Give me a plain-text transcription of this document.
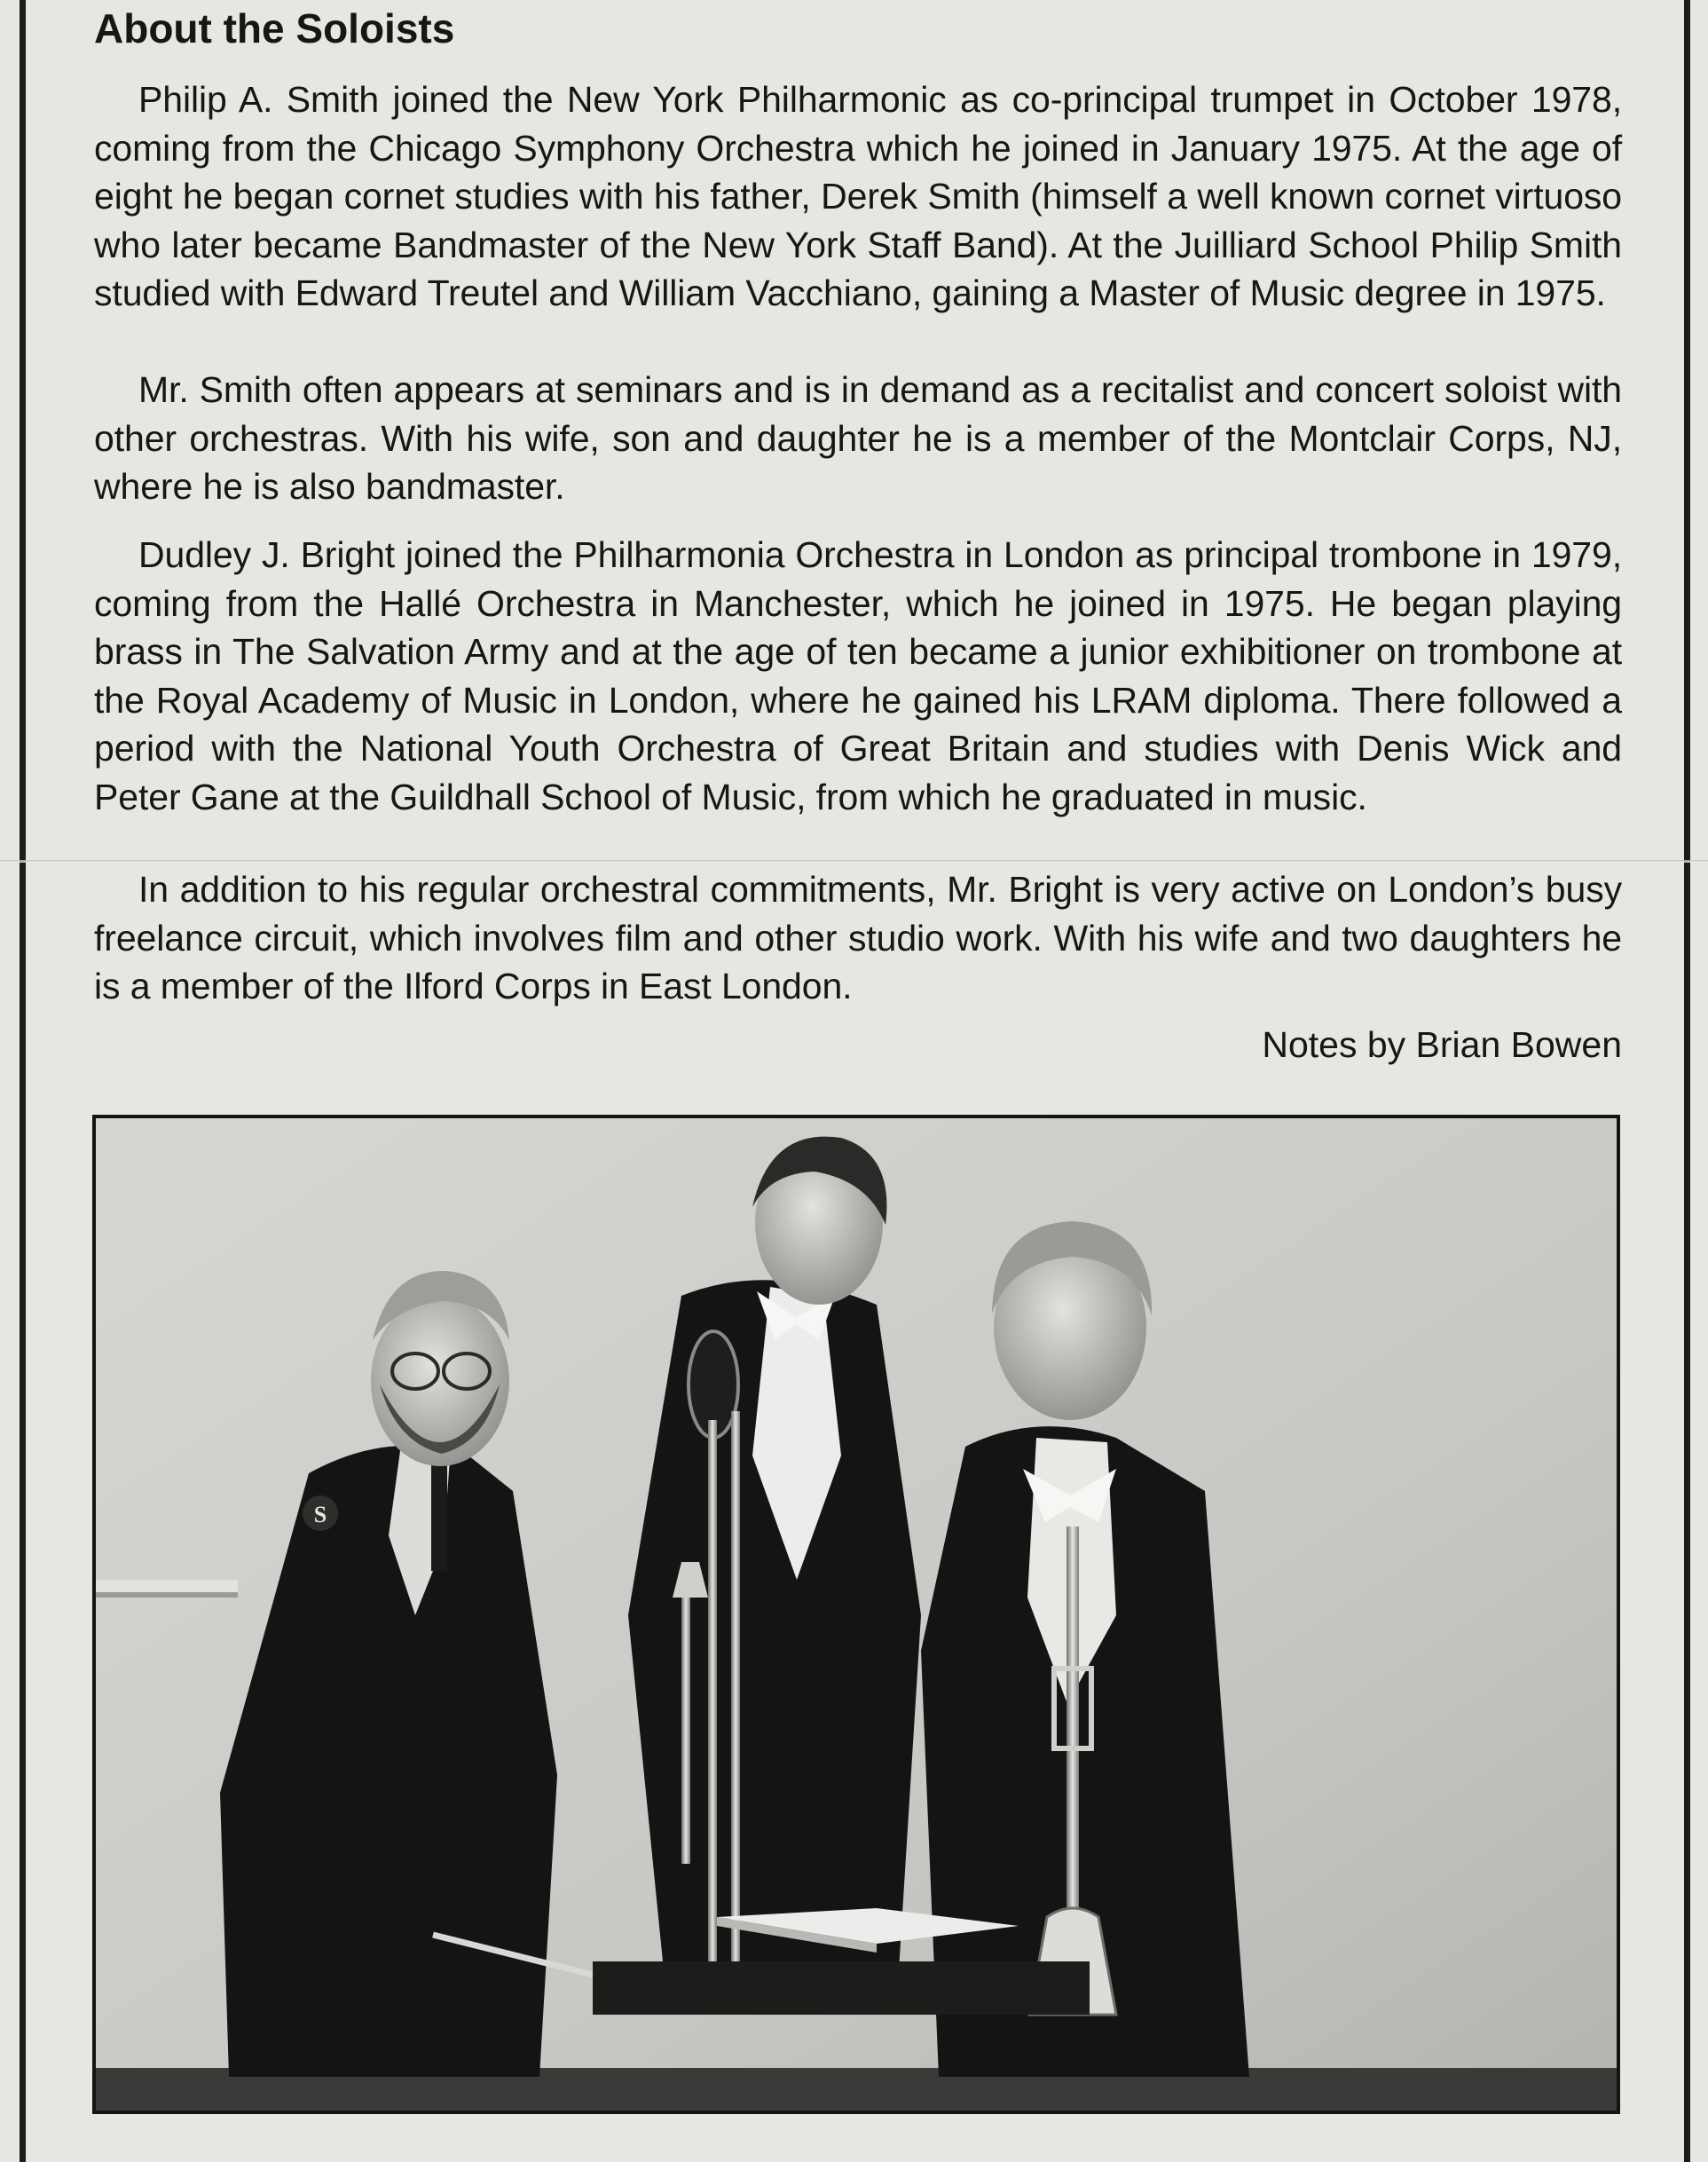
About the Soloists

Philip A. Smith joined the New York Philharmonic as co-principal trumpet in October 1978, coming from the Chicago Symphony Orchestra which he joined in January 1975. At the age of eight he began cornet studies with his father, Derek Smith (himself a well known cornet virtuoso who later became Bandmaster of the New York Staff Band). At the Juilliard School Philip Smith studied with Edward Treutel and William Vacchiano, gaining a Master of Music degree in 1975.

Mr. Smith often appears at seminars and is in demand as a recitalist and concert soloist with other orchestras. With his wife, son and daughter he is a member of the Montclair Corps, NJ, where he is also bandmaster.

Dudley J. Bright joined the Philharmonia Orchestra in London as principal trombone in 1979, coming from the Hallé Orchestra in Manchester, which he joined in 1975. He began playing brass in The Salvation Army and at the age of ten became a junior exhibitioner on trombone at the Royal Academy of Music in London, where he gained his LRAM diploma. There followed a period with the National Youth Orchestra of Great Britain and studies with Denis Wick and Peter Gane at the Guildhall School of Music, from which he graduated in music.

In addition to his regular orchestral commitments, Mr. Bright is very active on London’s busy freelance circuit, which involves film and other studio work. With his wife and two daughters he is a member of the Ilford Corps in East London.

Notes by Brian Bowen

S
